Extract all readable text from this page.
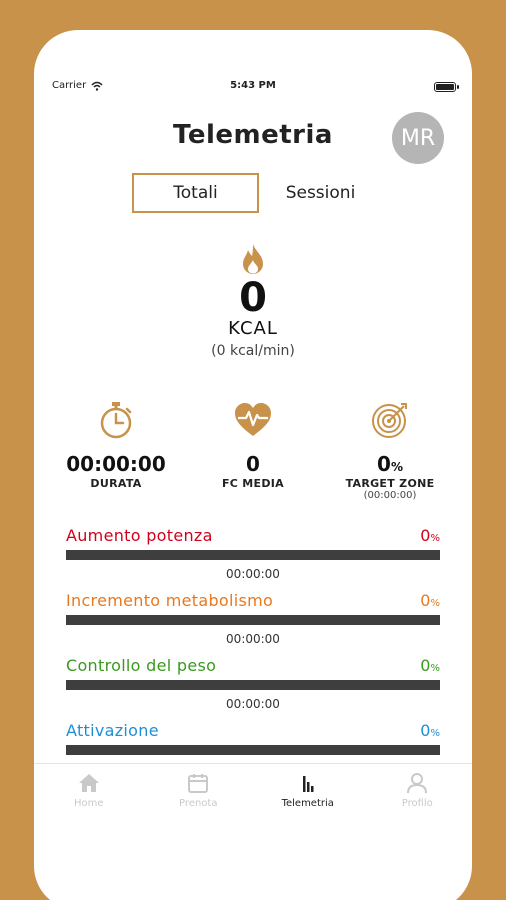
Carrier	5:43 PM
Telemetria	MR
Totali	Sessioni
0
KCAL
(0 kcal/min)
00:00:00
DURATA
0
FC MEDIA
0%
TARGET ZONE
(00:00:00)
Aumento potenza	0%
00:00:00
Incremento metabolismo	0%
00:00:00
Controllo del peso	0%
00:00:00
Attivazione	0%
Home	Prenota	Telemetria	Profilo
